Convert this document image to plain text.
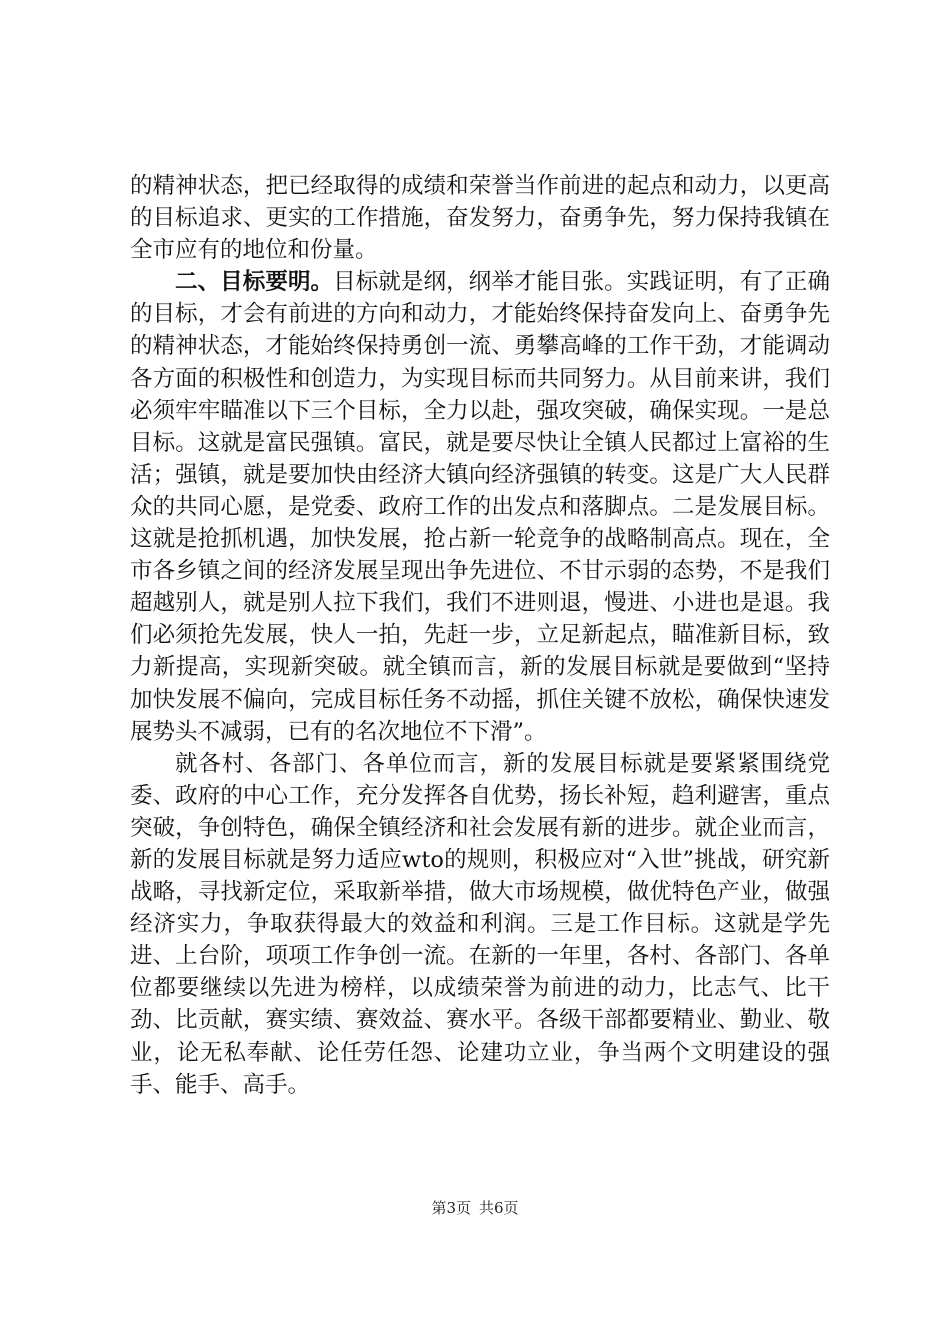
的精神状态，把已经取得的成绩和荣誉当作前进的起点和动力，以更高的目标追求、更实的工作措施，奋发努力，奋勇争先，努力保持我镇在全市应有的地位和份量。

二、目标要明。目标就是纲，纲举才能目张。实践证明，有了正确的目标，才会有前进的方向和动力，才能始终保持奋发向上、奋勇争先的精神状态，才能始终保持勇创一流、勇攀高峰的工作干劲，才能调动各方面的积极性和创造力，为实现目标而共同努力。从目前来讲，我们必须牢牢瞄准以下三个目标，全力以赴，强攻突破，确保实现。一是总目标。这就是富民强镇。富民，就是要尽快让全镇人民都过上富裕的生活；强镇，就是要加快由经济大镇向经济强镇的转变。这是广大人民群众的共同心愿，是党委、政府工作的出发点和落脚点。二是发展目标。这就是抢抓机遇，加快发展，抢占新一轮竞争的战略制高点。现在，全市各乡镇之间的经济发展呈现出争先进位、不甘示弱的态势，不是我们超越别人，就是别人拉下我们，我们不进则退，慢进、小进也是退。我们必须抢先发展，快人一拍，先赶一步，立足新起点，瞄准新目标，致力新提高，实现新突破。就全镇而言，新的发展目标就是要做到“坚持加快发展不偏向，完成目标任务不动摇，抓住关键不放松，确保快速发展势头不减弱，已有的名次地位不下滑”。

就各村、各部门、各单位而言，新的发展目标就是要紧紧围绕党委、政府的中心工作，充分发挥各自优势，扬长补短，趋利避害，重点突破，争创特色，确保全镇经济和社会发展有新的进步。就企业而言，新的发展目标就是努力适应wto的规则，积极应对“入世”挑战，研究新战略，寻找新定位，采取新举措，做大市场规模，做优特色产业，做强经济实力，争取获得最大的效益和利润。三是工作目标。这就是学先进、上台阶，项项工作争创一流。在新的一年里，各村、各部门、各单位都要继续以先进为榜样，以成绩荣誉为前进的动力，比志气、比干劲、比贡献，赛实绩、赛效益、赛水平。各级干部都要精业、勤业、敬业，论无私奉献、论任劳任怨、论建功立业，争当两个文明建设的强手、能手、高手。

第3页 共6页
